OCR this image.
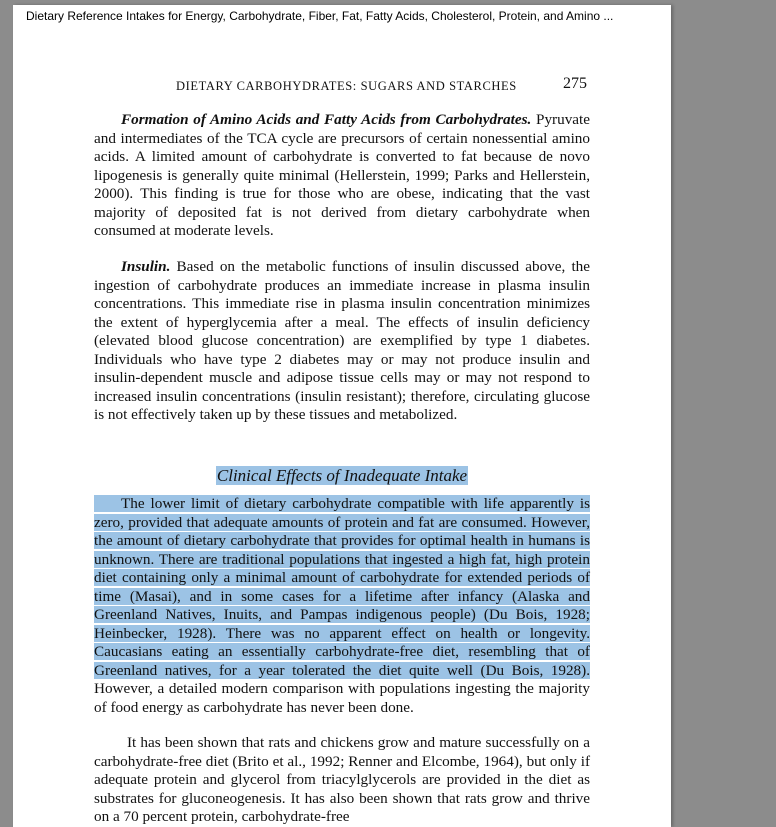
Dietary Reference Intakes for Energy, Carbohydrate, Fiber, Fat, Fatty Acids, Cholesterol, Protein, and Amino ...
DIETARY CARBOHYDRATES: SUGARS AND STARCHES	275

Formation of Amino Acids and Fatty Acids from Carbohydrates. Pyruvate and intermediates of the TCA cycle are precursors of certain nonessential amino acids. A limited amount of carbohydrate is converted to fat because de novo lipogenesis is generally quite minimal (Hellerstein, 1999; Parks and Hellerstein, 2000). This finding is true for those who are obese, indicating that the vast majority of deposited fat is not derived from dietary carbohydrate when consumed at moderate levels.

Insulin. Based on the metabolic functions of insulin discussed above, the ingestion of carbohydrate produces an immediate increase in plasma insulin concentrations. This immediate rise in plasma insulin concentration minimizes the extent of hyperglycemia after a meal. The effects of insulin deficiency (elevated blood glucose concentration) are exemplified by type 1 diabetes. Individuals who have type 2 diabetes may or may not produce insulin and insulin-dependent muscle and adipose tissue cells may or may not respond to increased insulin concentrations (insulin resistant); therefore, circulating glucose is not effectively taken up by these tissues and metabolized.

Clinical Effects of Inadequate Intake

The lower limit of dietary carbohydrate compatible with life apparently is zero, provided that adequate amounts of protein and fat are consumed. However, the amount of dietary carbohydrate that provides for optimal health in humans is unknown. There are traditional populations that ingested a high fat, high protein diet containing only a minimal amount of carbohydrate for extended periods of time (Masai), and in some cases for a lifetime after infancy (Alaska and Greenland Natives, Inuits, and Pampas indigenous people) (Du Bois, 1928; Heinbecker, 1928). There was no apparent effect on health or longevity. Caucasians eating an essentially carbohydrate-free diet, resembling that of Greenland natives, for a year tolerated the diet quite well (Du Bois, 1928). However, a detailed modern comparison with populations ingesting the majority of food energy as carbohydrate has never been done.

It has been shown that rats and chickens grow and mature successfully on a carbohydrate-free diet (Brito et al., 1992; Renner and Elcombe, 1964), but only if adequate protein and glycerol from triacylglycerols are provided in the diet as substrates for gluconeogenesis. It has also been shown that rats grow and thrive on a 70 percent protein, carbohydrate-free
